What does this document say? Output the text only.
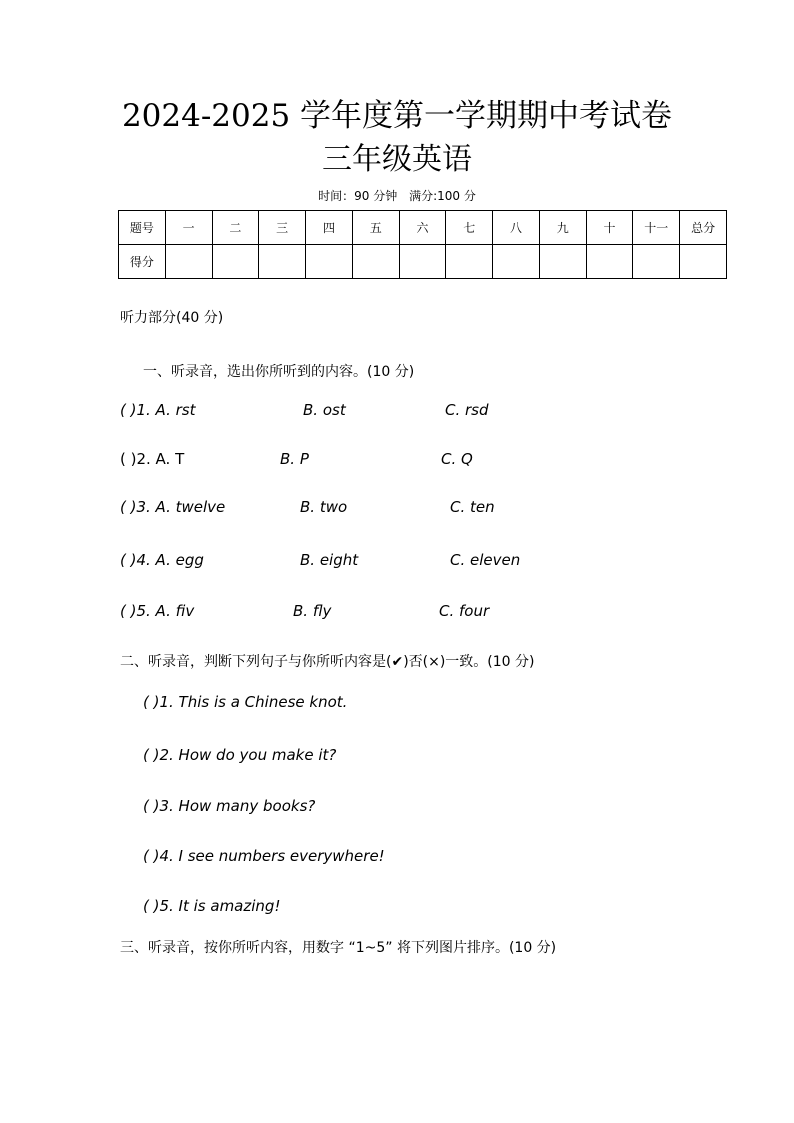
2024-2025 学年度第一学期期中考试卷
三年级英语
时间：90 分钟 满分:100 分
题号	一	二	三	四	五	六	七	八	九	十	十一	总分
得分												
听力部分(40 分)
一、听录音，选出你所听到的内容。(10 分)
( )1. A. rst	B. ost	C. rsd
( )2. A. T	B. P	C. Q
( )3. A. twelve	B. two	C. ten
( )4. A. egg	B. eight	C. eleven
( )5. A. fiv	B. fly	C. four
二、听录音，判断下列句子与你所听内容是(✔)否(×)一致。(10 分)
( )1. This is a Chinese knot.
( )2. How do you make it?
( )3. How many books?
( )4. I see numbers everywhere!
( )5. It is amazing!
三、听录音，按你所听内容，用数字 “1~5” 将下列图片排序。(10 分)
